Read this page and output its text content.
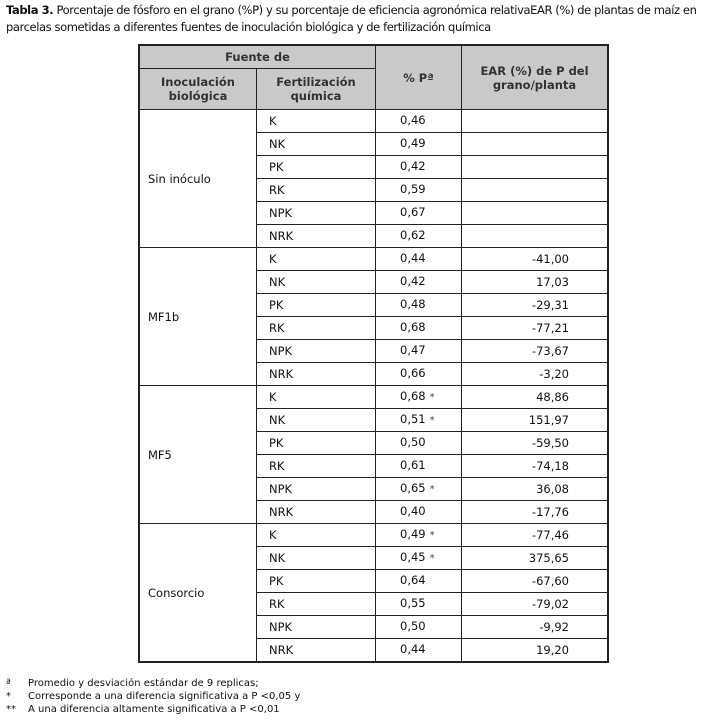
Tabla 3. Porcentaje de fósforo en el grano (%P) y su porcentaje de eficiencia agronómica relativaEAR (%) de plantas de maíz en parcelas sometidas a diferentes fuentes de inoculación biológica y de fertilización química
Fuente de		% Pª	EAR (%) de P del grano/planta
Inoculación biológica	Fertilización química		
Sin inóculo	K	0,46	
	NK	0,49	
	PK	0,42	
	RK	0,59	
	NPK	0,67	
	NRK	0,62	
MF1b	K	0,44	-41,00
	NK	0,42	17,03
	PK	0,48	-29,31
	RK	0,68	-77,21
	NPK	0,47	-73,67
	NRK	0,66	-3,20
MF5	K	0,68 *	48,86
	NK	0,51 *	151,97
	PK	0,50	-59,50
	RK	0,61	-74,18
	NPK	0,65 *	36,08
	NRK	0,40	-17,76
Consorcio	K	0,49 *	-77,46
	NK	0,45 *	375,65
	PK	0,64	-67,60
	RK	0,55	-79,02
	NPK	0,50	-9,92
	NRK	0,44	19,20
ª Promedio y desviación estándar de 9 replicas;
* Corresponde a una diferencia significativa a P <0,05 y
** A una diferencia altamente significativa a P <0,01
